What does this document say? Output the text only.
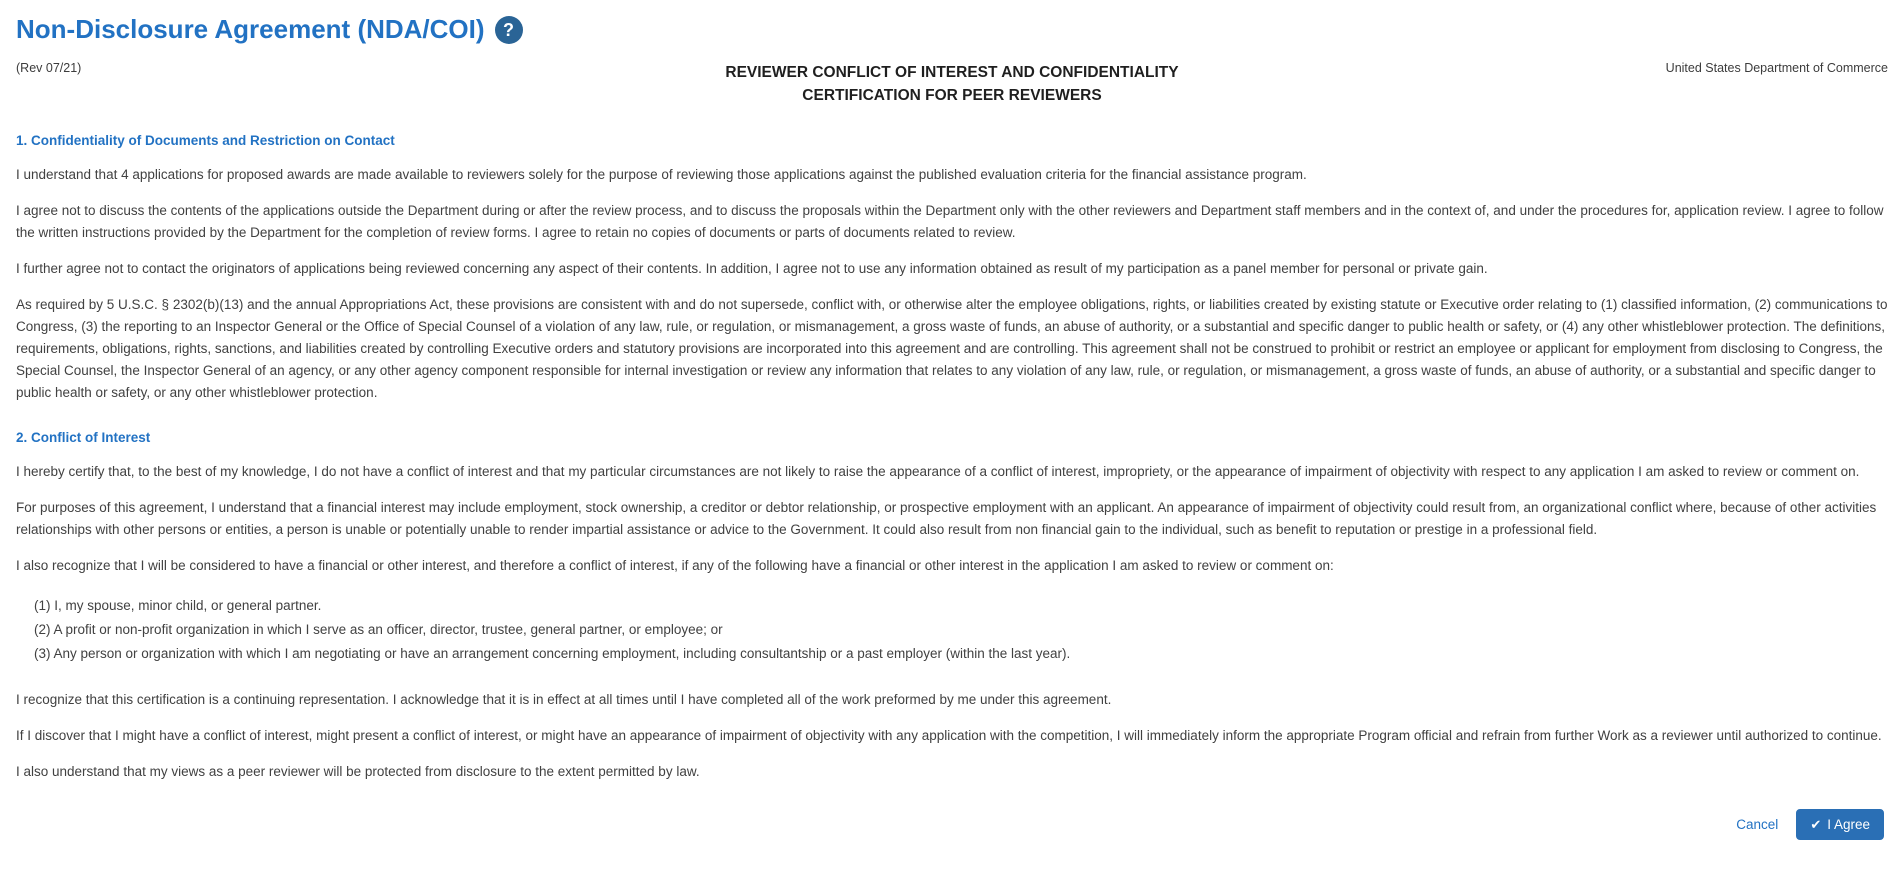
Non-Disclosure Agreement (NDA/COI)	?
(Rev 07/21)	United States Department of Commerce
REVIEWER CONFLICT OF INTEREST AND CONFIDENTIALITY
CERTIFICATION FOR PEER REVIEWERS
1. Confidentiality of Documents and Restriction on Contact

I understand that 4 applications for proposed awards are made available to reviewers solely for the purpose of reviewing those applications against the published evaluation criteria for the financial assistance program.

I agree not to discuss the contents of the applications outside the Department during or after the review process, and to discuss the proposals within the Department only with the other reviewers and Department staff members and in the context of, and under the procedures for, application review. I agree to follow the written instructions provided by the Department for the completion of review forms. I agree to retain no copies of documents or parts of documents related to review.

I further agree not to contact the originators of applications being reviewed concerning any aspect of their contents. In addition, I agree not to use any information obtained as result of my participation as a panel member for personal or private gain.

As required by 5 U.S.C. § 2302(b)(13) and the annual Appropriations Act, these provisions are consistent with and do not supersede, conflict with, or otherwise alter the employee obligations, rights, or liabilities created by existing statute or Executive order relating to (1) classified information, (2) communications to Congress, (3) the reporting to an Inspector General or the Office of Special Counsel of a violation of any law, rule, or regulation, or mismanagement, a gross waste of funds, an abuse of authority, or a substantial and specific danger to public health or safety, or (4) any other whistleblower protection. The definitions, requirements, obligations, rights, sanctions, and liabilities created by controlling Executive orders and statutory provisions are incorporated into this agreement and are controlling. This agreement shall not be construed to prohibit or restrict an employee or applicant for employment from disclosing to Congress, the Special Counsel, the Inspector General of an agency, or any other agency component responsible for internal investigation or review any information that relates to any violation of any law, rule, or regulation, or mismanagement, a gross waste of funds, an abuse of authority, or a substantial and specific danger to public health or safety, or any other whistleblower protection.

2. Conflict of Interest

I hereby certify that, to the best of my knowledge, I do not have a conflict of interest and that my particular circumstances are not likely to raise the appearance of a conflict of interest, impropriety, or the appearance of impairment of objectivity with respect to any application I am asked to review or comment on.

For purposes of this agreement, I understand that a financial interest may include employment, stock ownership, a creditor or debtor relationship, or prospective employment with an applicant. An appearance of impairment of objectivity could result from, an organizational conflict where, because of other activities relationships with other persons or entities, a person is unable or potentially unable to render impartial assistance or advice to the Government. It could also result from non financial gain to the individual, such as benefit to reputation or prestige in a professional field.

I also recognize that I will be considered to have a financial or other interest, and therefore a conflict of interest, if any of the following have a financial or other interest in the application I am asked to review or comment on:

(1) I, my spouse, minor child, or general partner.
(2) A profit or non-profit organization in which I serve as an officer, director, trustee, general partner, or employee; or
(3) Any person or organization with which I am negotiating or have an arrangement concerning employment, including consultantship or a past employer (within the last year).

I recognize that this certification is a continuing representation. I acknowledge that it is in effect at all times until I have completed all of the work preformed by me under this agreement.

If I discover that I might have a conflict of interest, might present a conflict of interest, or might have an appearance of impairment of objectivity with any application with the competition, I will immediately inform the appropriate Program official and refrain from further Work as a reviewer until authorized to continue.

I also understand that my views as a peer reviewer will be protected from disclosure to the extent permitted by law.

Cancel ✔ I Agree
